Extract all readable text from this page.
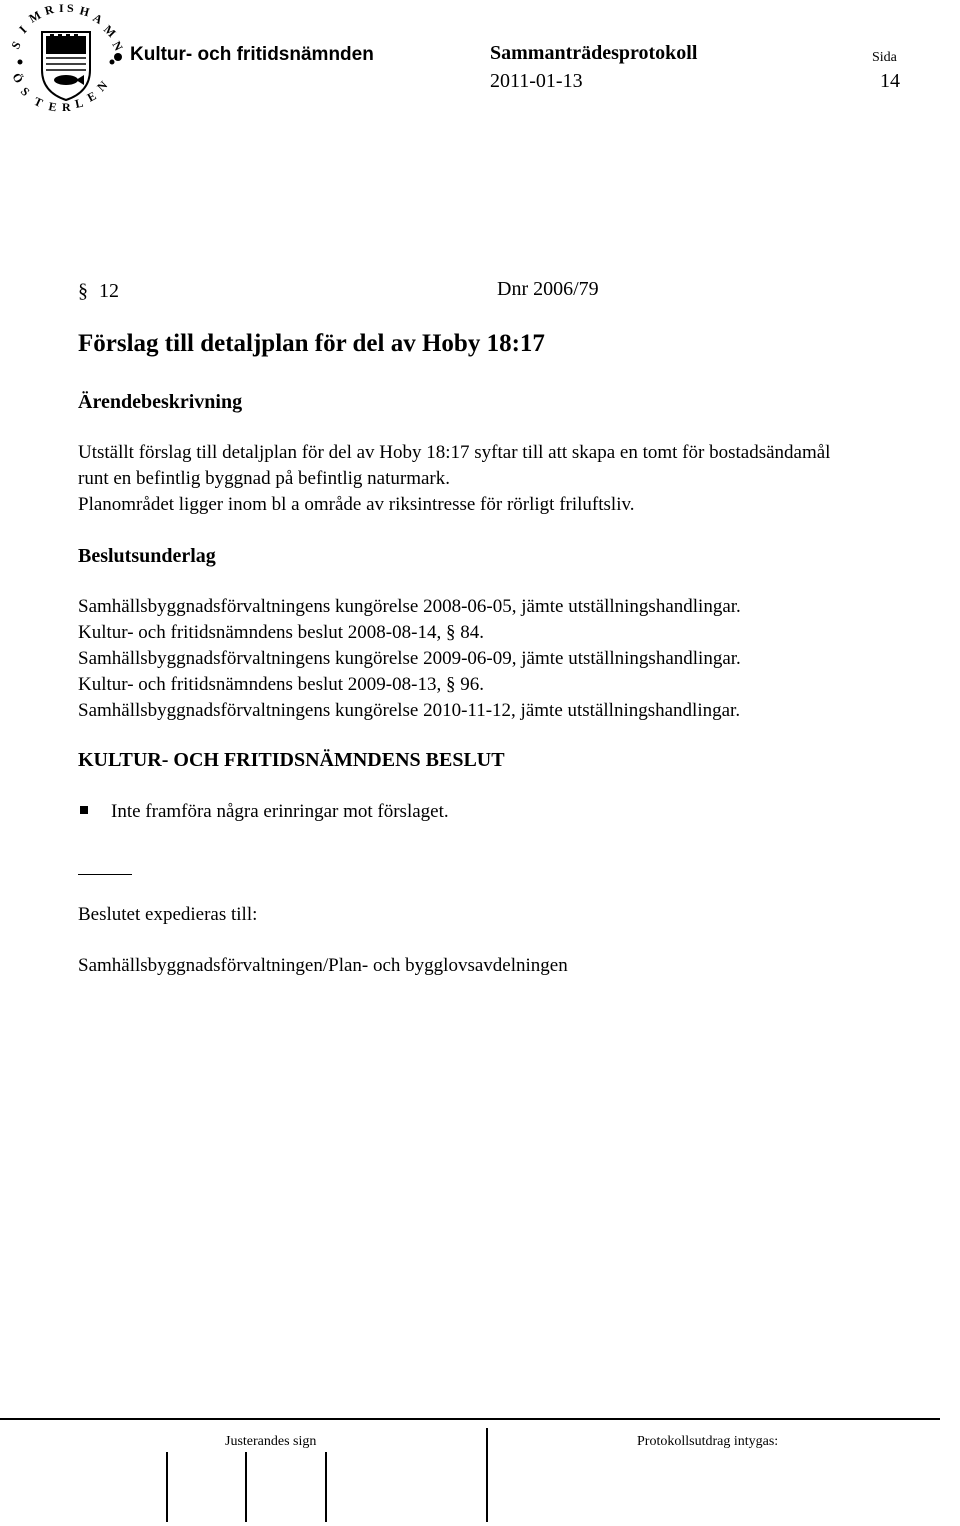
S
I
M R I S H A
M
N
Ö
S
T E R L E
N
Kultur- och fritidsnämnden	Sammanträdesprotokoll	Sida
2011-01-13	14
§ 12	Dnr 2006/79
Förslag till detaljplan för del av Hoby 18:17
Ärendebeskrivning
Utställt förslag till detaljplan för del av Hoby 18:17 syftar till att skapa en tomt för bostadsändamål
runt en befintlig byggnad på befintlig naturmark.
Planområdet ligger inom bl a område av riksintresse för rörligt friluftsliv.
Beslutsunderlag
Samhällsbyggnadsförvaltningens kungörelse 2008-06-05, jämte utställningshandlingar.
Kultur- och fritidsnämndens beslut 2008-08-14, § 84.
Samhällsbyggnadsförvaltningens kungörelse 2009-06-09, jämte utställningshandlingar.
Kultur- och fritidsnämndens beslut 2009-08-13, § 96.
Samhällsbyggnadsförvaltningens kungörelse 2010-11-12, jämte utställningshandlingar.
KULTUR- OCH FRITIDSNÄMNDENS BESLUT
Inte framföra några erinringar mot förslaget.
Beslutet expedieras till:
Samhällsbyggnadsförvaltningen/Plan- och bygglovsavdelningen
Justerandes sign	Protokollsutdrag intygas:
